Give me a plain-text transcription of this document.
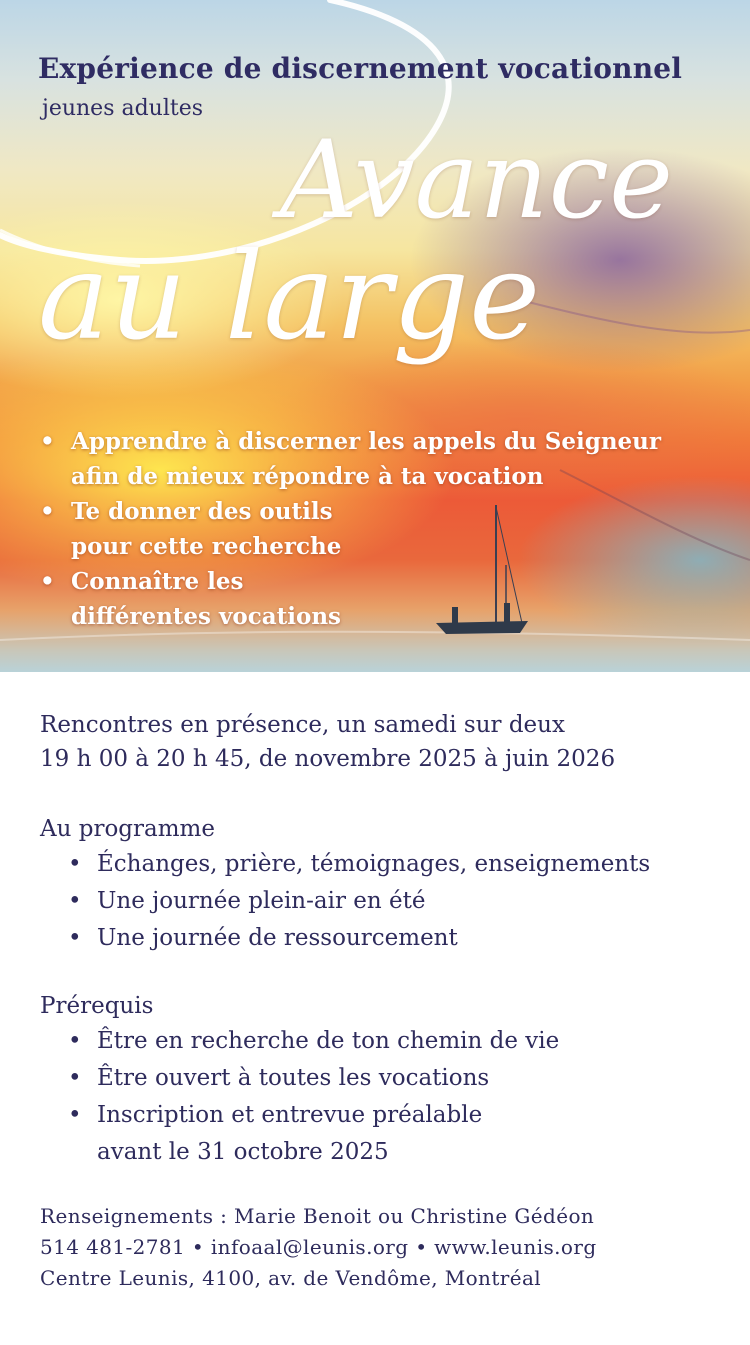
Expérience de discernement vocationnel
jeunes adultes
Avance
au large
• Apprendre à discerner les appels du Seigneur
afin de mieux répondre à ta vocation
• Te donner des outils
pour cette recherche
• Connaître les
différentes vocations
Rencontres en présence, un samedi sur deux
19 h 00 à 20 h 45, de novembre 2025 à juin 2026
Au programme
• Échanges, prière, témoignages, enseignements
• Une journée plein-air en été
• Une journée de ressourcement
Prérequis
• Être en recherche de ton chemin de vie
• Être ouvert à toutes les vocations
• Inscription et entrevue préalable
avant le 31 octobre 2025
Renseignements : Marie Benoit ou Christine Gédéon
514 481-2781 • infoaal@leunis.org • www.leunis.org
Centre Leunis, 4100, av. de Vendôme, Montréal
